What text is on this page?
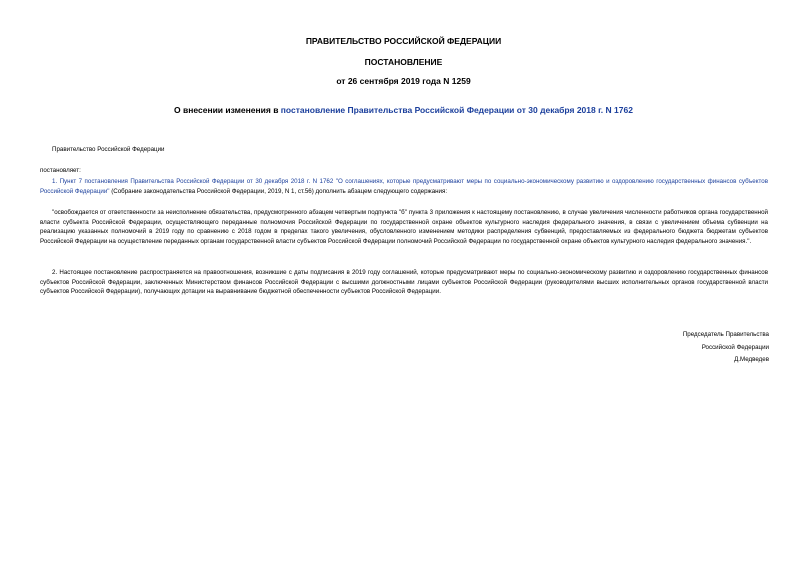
ПРАВИТЕЛЬСТВО РОССИЙСКОЙ ФЕДЕРАЦИИ
ПОСТАНОВЛЕНИЕ
от 26 сентября 2019 года N 1259
О внесении изменения в постановление Правительства Российской Федерации от 30 декабря 2018 г. N 1762
Правительство Российской Федерации
постановляет:
1. Пункт 7 постановления Правительства Российской Федерации от 30 декабря 2018 г. N 1762 "О соглашениях, которые предусматривают меры по социально-экономическому развитию и оздоровлению государственных финансов субъектов Российской Федерации" (Собрание законодательства Российской Федерации, 2019, N 1, ст.56) дополнить абзацем следующего содержания:
"освобождается от ответственности за неисполнение обязательства, предусмотренного абзацем четвертым подпункта "б" пункта 3 приложения к настоящему постановлению, в случае увеличения численности работников органа государственной власти субъекта Российской Федерации, осуществляющего переданные полномочия Российской Федерации по государственной охране объектов культурного наследия федерального значения, в связи с увеличением объема субвенции на реализацию указанных полномочий в 2019 году по сравнению с 2018 годом в пределах такого увеличения, обусловленного изменением методики распределения субвенций, предоставляемых из федерального бюджета бюджетам субъектов Российской Федерации на осуществление переданных органам государственной власти субъектов Российской Федерации полномочий Российской Федерации по государственной охране объектов культурного наследия федерального значения.".
2. Настоящее постановление распространяется на правоотношения, возникшие с даты подписания в 2019 году соглашений, которые предусматривают меры по социально-экономическому развитию и оздоровлению государственных финансов субъектов Российской Федерации, заключенных Министерством финансов Российской Федерации с высшими должностными лицами субъектов Российской Федерации (руководителями высших исполнительных органов государственной власти субъектов Российской Федерации), получающих дотации на выравнивание бюджетной обеспеченности субъектов Российской Федерации.
Председатель Правительства
Российской Федерации
Д.Медведев
